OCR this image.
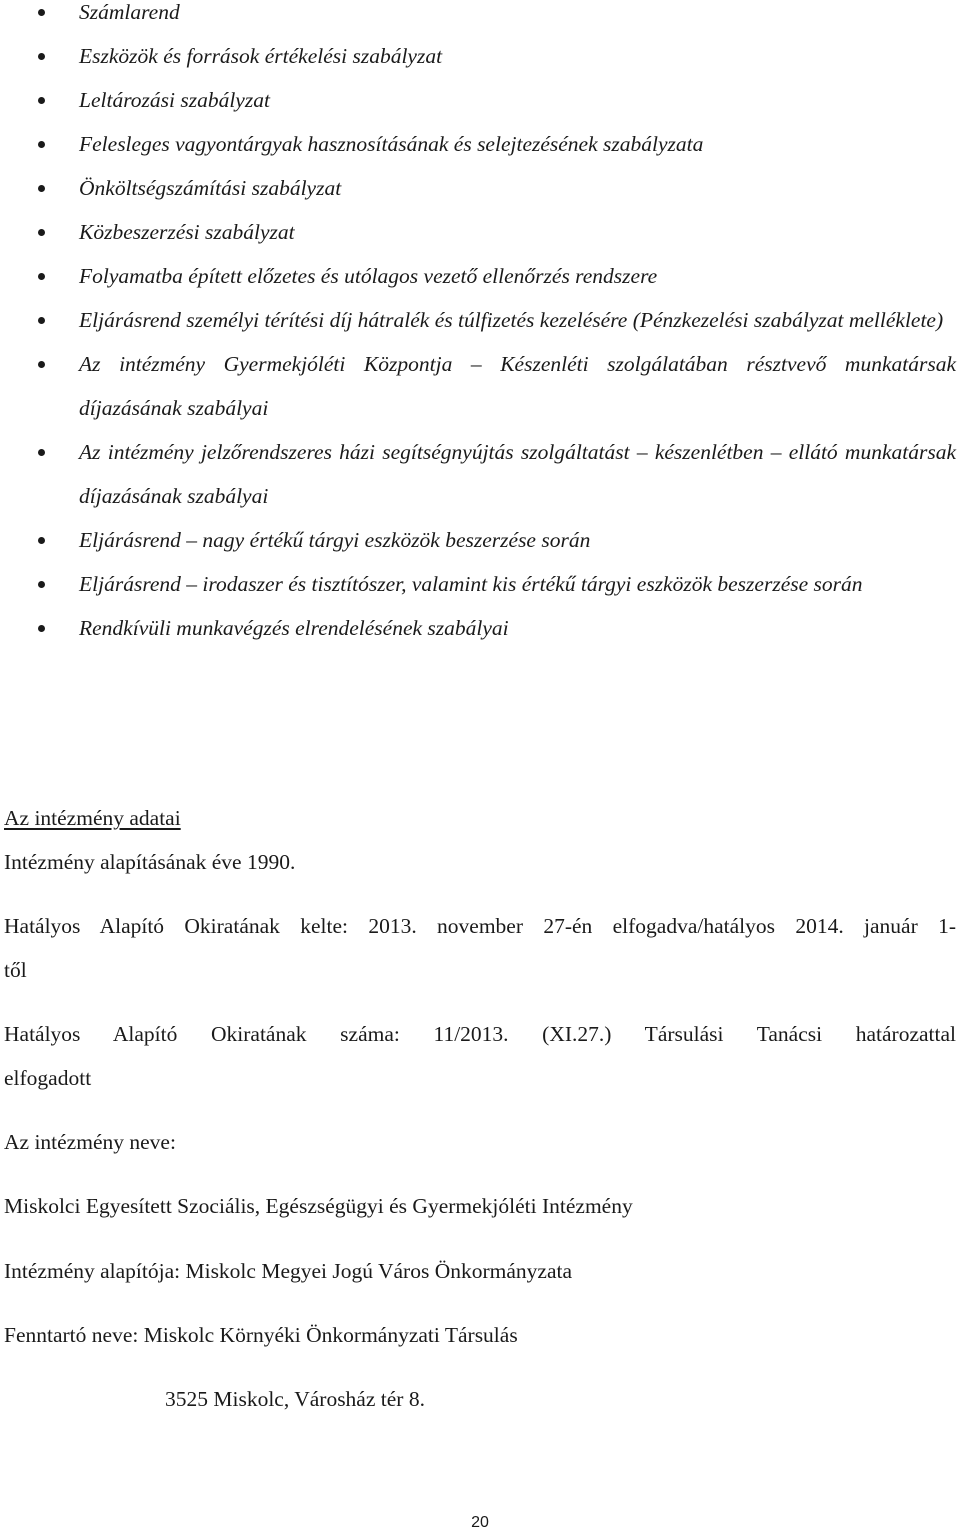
Számlarend
Eszközök és források értékelési szabályzat
Leltározási szabályzat
Felesleges vagyontárgyak hasznosításának és selejtezésének szabályzata
Önköltségszámítási szabályzat
Közbeszerzési szabályzat
Folyamatba épített előzetes és utólagos vezető ellenőrzés rendszere
Eljárásrend személyi térítési díj hátralék és túlfizetés kezelésére (Pénzkezelési szabályzat melléklete)
Az intézmény Gyermekjóléti Központja – Készenléti szolgálatában résztvevő munkatársak díjazásának szabályai
Az intézmény jelzőrendszeres házi segítségnyújtás szolgáltatást – készenlétben – ellátó munkatársak díjazásának szabályai
Eljárásrend – nagy értékű tárgyi eszközök beszerzése során
Eljárásrend – irodaszer és tisztítószer, valamint kis értékű tárgyi eszközök beszerzése során
Rendkívüli munkavégzés elrendelésének szabályai
Az intézmény adatai
Intézmény alapításának éve 1990.
Hatályos Alapító Okiratának kelte: 2013. november 27-én elfogadva/hatályos 2014. január 1-
től
Hatályos Alapító Okiratának száma: 11/2013. (XI.27.) Társulási Tanácsi határozattal
elfogadott
Az intézmény neve:
Miskolci Egyesített Szociális, Egészségügyi és Gyermekjóléti Intézmény
Intézmény alapítója: Miskolc Megyei Jogú Város Önkormányzata
Fenntartó neve: Miskolc Környéki Önkormányzati Társulás
3525 Miskolc, Városház tér 8.
20
